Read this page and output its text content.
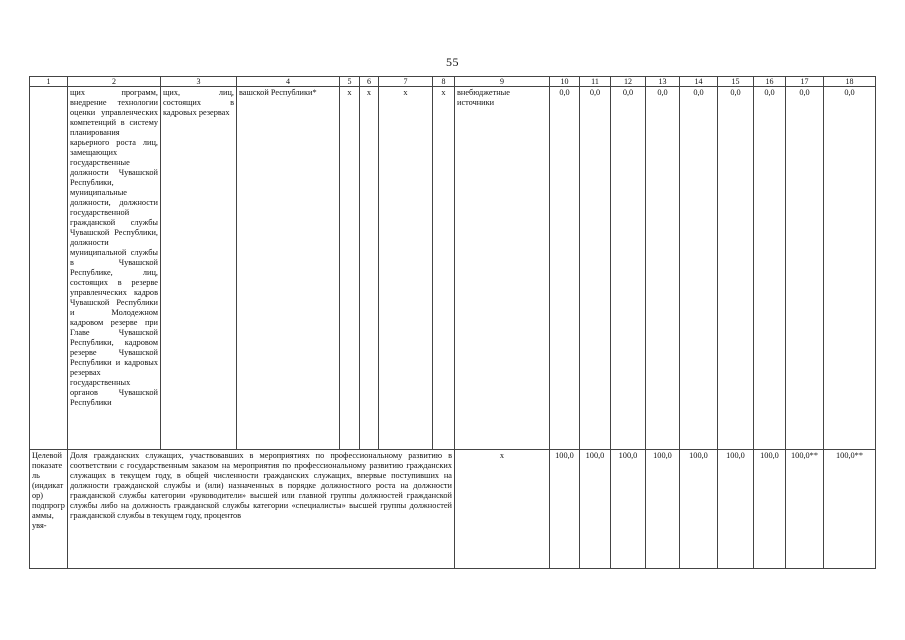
55
1	2	3	4	5	6	7	8	9	10	11	12	13	14	15	16	17	18
	щих программ, внедрение технологии оценки управленческих компетенций в систему планирования карьерного роста лиц, замещающих государственные должности Чувашской Республики, муниципальные должности, должности государственной гражданской службы Чувашской Республики, должности муниципальной службы в Чувашской Республике, лиц, состоящих в резерве управленческих кадров Чувашской Республики и Молодежном кадровом резерве при Главе Чувашской Республики, кадровом резерве Чувашской Республики и кадровых резервах государственных органов Чувашской Республики	щих, лиц, состоящих в кадровых резервах	вашской Республики*	х	х	х	х	внебюджетные источники	0,0	0,0	0,0	0,0	0,0	0,0	0,0	0,0	0,0
Целевой показатель (индикатор) подпрограммы, увя-	Доля гражданских служащих, участвовавших в мероприятиях по профессиональному развитию в соответствии с государственным заказом на мероприятия по профессиональному развитию гражданских служащих в текущем году, в общей численности гражданских служащих, впервые поступивших на должности гражданской службы и (или) назначенных в порядке должностного роста на должности гражданской службы категории «руководители» высшей или главной группы должностей гражданской службы либо на должность гражданской службы категории «специалисты» высшей группы должностей гражданской службы в текущем году, процентов							х	100,0	100,0	100,0	100,0	100,0	100,0	100,0	100,0**	100,0**
